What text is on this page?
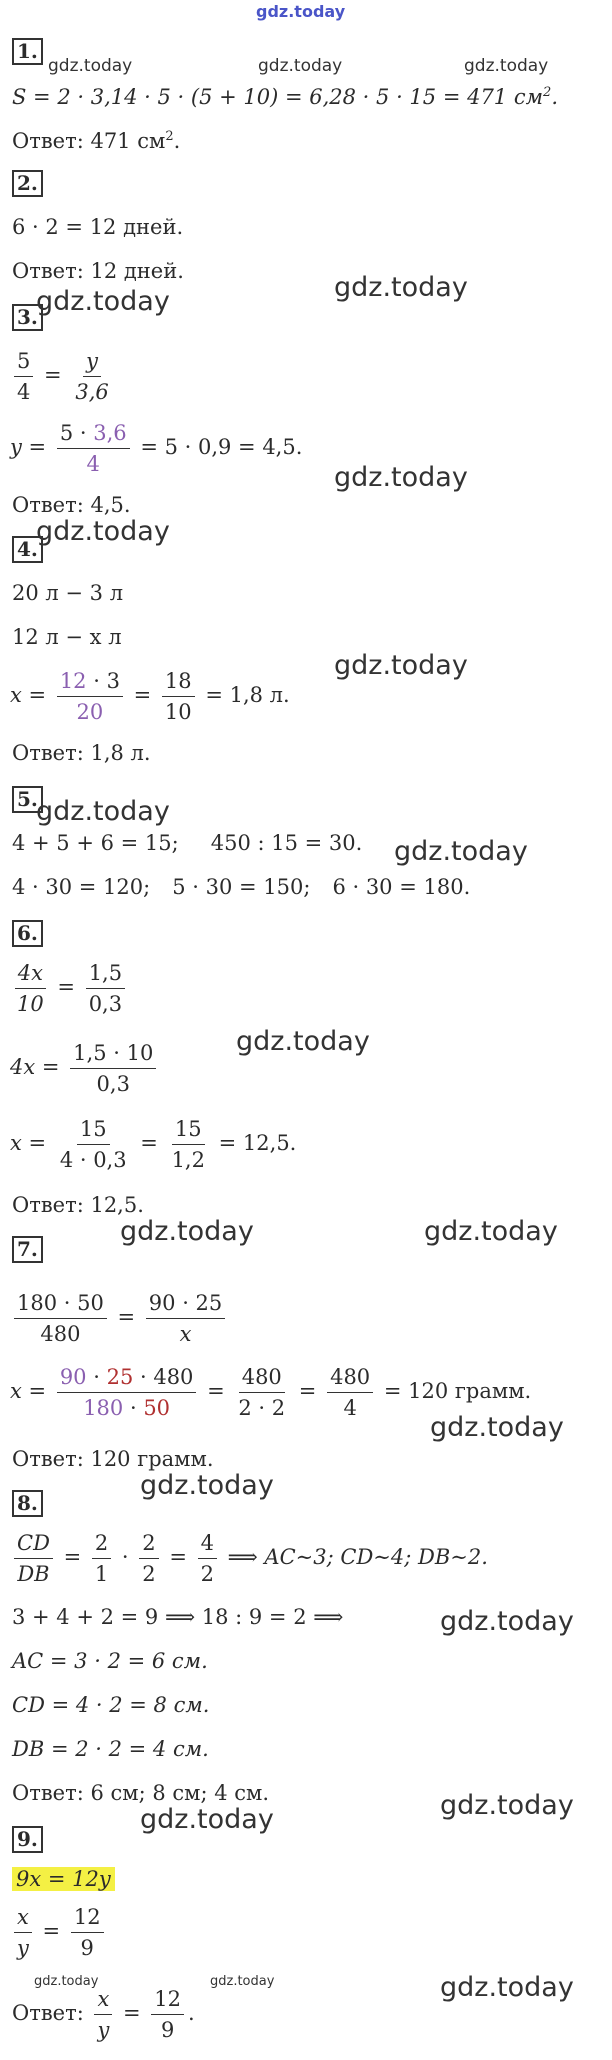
gdz.today
1.
gdz.today	gdz.today	gdz.today
S = 2 · 3,14 · 5 · (5 + 10) = 6,28 · 5 · 15 = 471 $см^2$.
Ответ: 471 $см^2$.
2.
6 · 2 = 12 дней.
Ответ: 12 дней.
gdz.today
3.
gdz.today
$\frac{5}{4} = \frac{y}{3,6}$
$y = \frac{5 \cdot 3,6}{4} = 5 \cdot 0,9 = 4,5$.
gdz.today
Ответ: 4,5.
gdz.today
4.
20 л − 3 л
12 л − x л
gdz.today
$x = \frac{12 \cdot 3}{20} = \frac{18}{10} = 1,8$ л.
Ответ: 1,8 л.
5.
gdz.today
4 + 5 + 6 = 15; 450 : 15 = 30. gdz.today
4 · 30 = 120; 5 · 30 = 150; 6 · 30 = 180.
6.
$\frac{4x}{10} = \frac{1,5}{0,3}$
gdz.today
$4x = \frac{1,5 \cdot 10}{0,3}$
$x = \frac{15}{4 \cdot 0,3} = \frac{15}{1,2} = 12,5$.
Ответ: 12,5.
gdz.today	gdz.today
7.
$\frac{180 \cdot 50}{480} = \frac{90 \cdot 25}{x}$
$x = \frac{90 \cdot 25 \cdot 480}{180 \cdot 50} = \frac{480}{2 \cdot 2} = \frac{480}{4} = 120$ грамм.
gdz.today
Ответ: 120 грамм.
gdz.today
8.
$\frac{CD}{DB} = \frac{2}{1} \cdot \frac{2}{2} = \frac{4}{2}$ ⟹ AC∼3; CD∼4; DB∼2.
3 + 4 + 2 = 9 ⟹ 18 : 9 = 2 ⟹	gdz.today
AC = 3 · 2 = 6 см.
CD = 4 · 2 = 8 см.
DB = 2 · 2 = 4 см.
Ответ: 6 см; 8 см; 4 см.	gdz.today
gdz.today
9.
9x = 12y
$\frac{x}{y} = \frac{12}{9}$
gdz.today	gdz.today	gdz.today
Ответ: $\frac{x}{y} = \frac{12}{9}$ .
